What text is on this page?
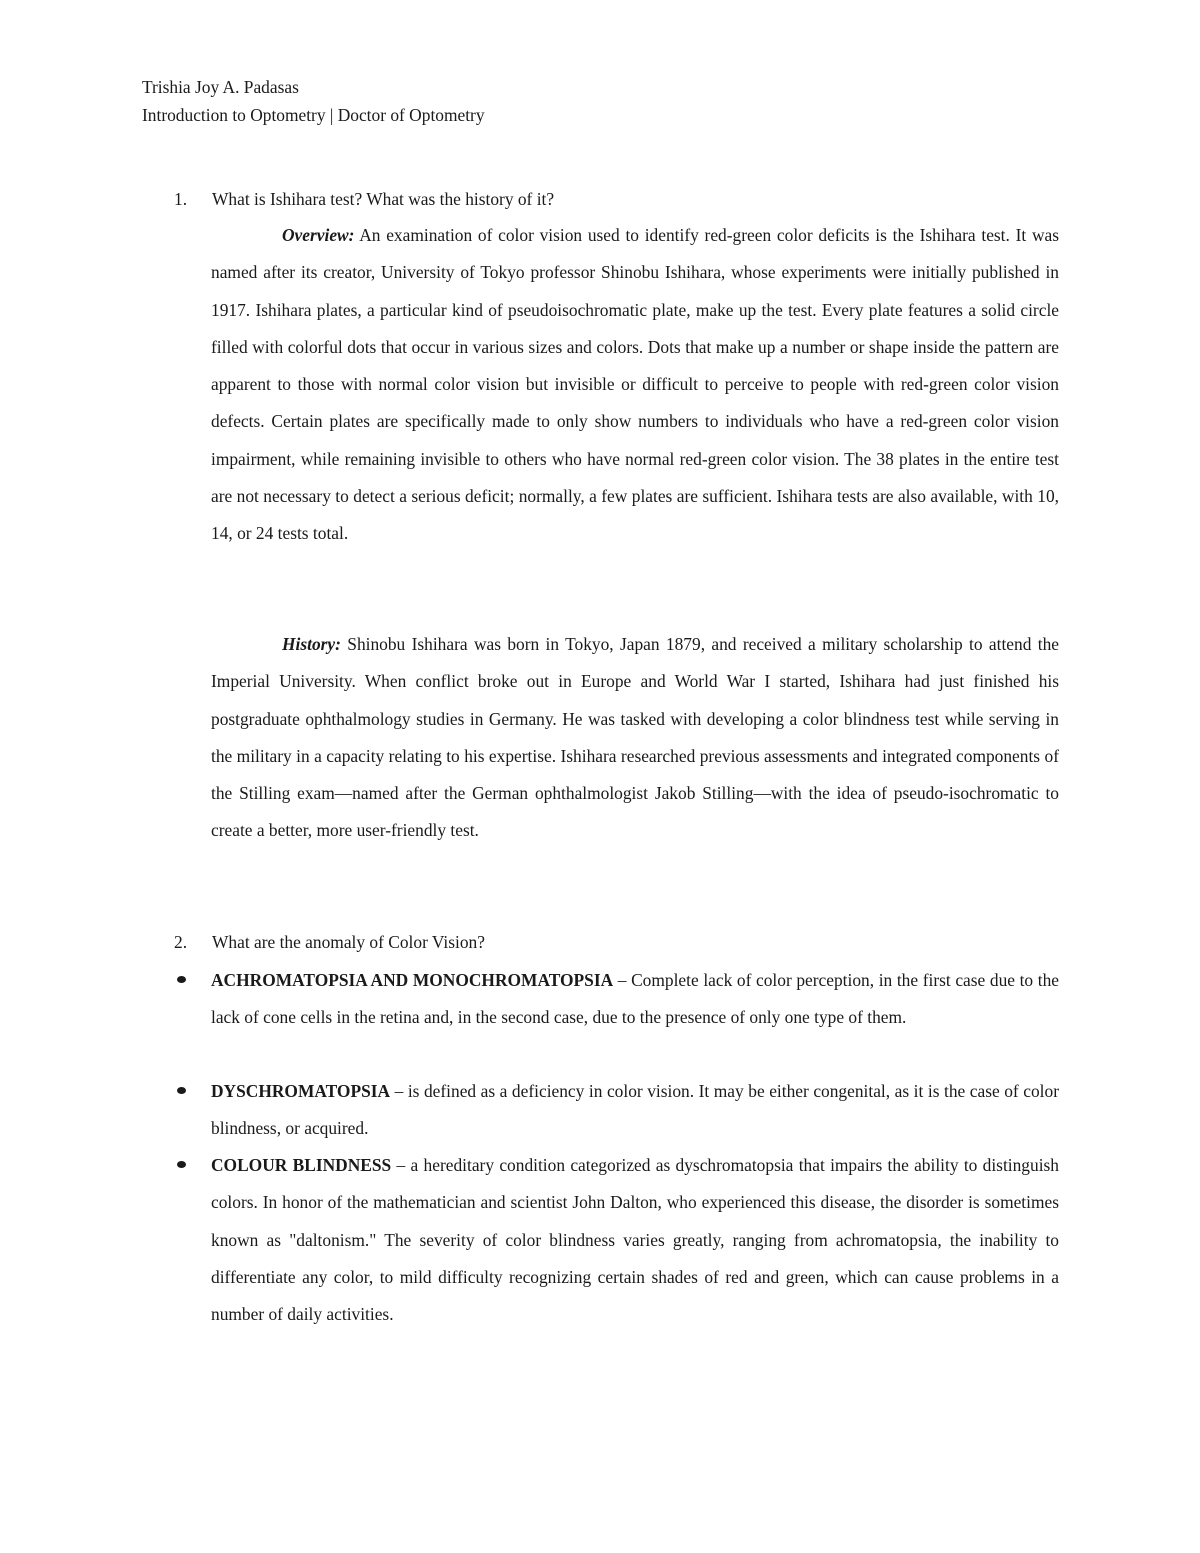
Trishia Joy A. Padasas
Introduction to Optometry | Doctor of Optometry
1. What is Ishihara test? What was the history of it?

Overview: An examination of color vision used to identify red-green color deficits is the Ishihara test. It was named after its creator, University of Tokyo professor Shinobu Ishihara, whose experiments were initially published in 1917. Ishihara plates, a particular kind of pseudoisochromatic plate, make up the test. Every plate features a solid circle filled with colorful dots that occur in various sizes and colors. Dots that make up a number or shape inside the pattern are apparent to those with normal color vision but invisible or difficult to perceive to people with red-green color vision defects. Certain plates are specifically made to only show numbers to individuals who have a red-green color vision impairment, while remaining invisible to others who have normal red-green color vision. The 38 plates in the entire test are not necessary to detect a serious deficit; normally, a few plates are sufficient. Ishihara tests are also available, with 10, 14, or 24 tests total.

History: Shinobu Ishihara was born in Tokyo, Japan 1879, and received a military scholarship to attend the Imperial University. When conflict broke out in Europe and World War I started, Ishihara had just finished his postgraduate ophthalmology studies in Germany. He was tasked with developing a color blindness test while serving in the military in a capacity relating to his expertise. Ishihara researched previous assessments and integrated components of the Stilling exam—named after the German ophthalmologist Jakob Stilling—with the idea of pseudo-isochromatic to create a better, more user-friendly test.

2. What are the anomaly of Color Vision?
ACHROMATOPSIA AND MONOCHROMATOPSIA – Complete lack of color perception, in the first case due to the lack of cone cells in the retina and, in the second case, due to the presence of only one type of them.
DYSCHROMATOPSIA – is defined as a deficiency in color vision. It may be either congenital, as it is the case of color blindness, or acquired.
COLOUR BLINDNESS – a hereditary condition categorized as dyschromatopsia that impairs the ability to distinguish colors. In honor of the mathematician and scientist John Dalton, who experienced this disease, the disorder is sometimes known as "daltonism." The severity of color blindness varies greatly, ranging from achromatopsia, the inability to differentiate any color, to mild difficulty recognizing certain shades of red and green, which can cause problems in a number of daily activities.
